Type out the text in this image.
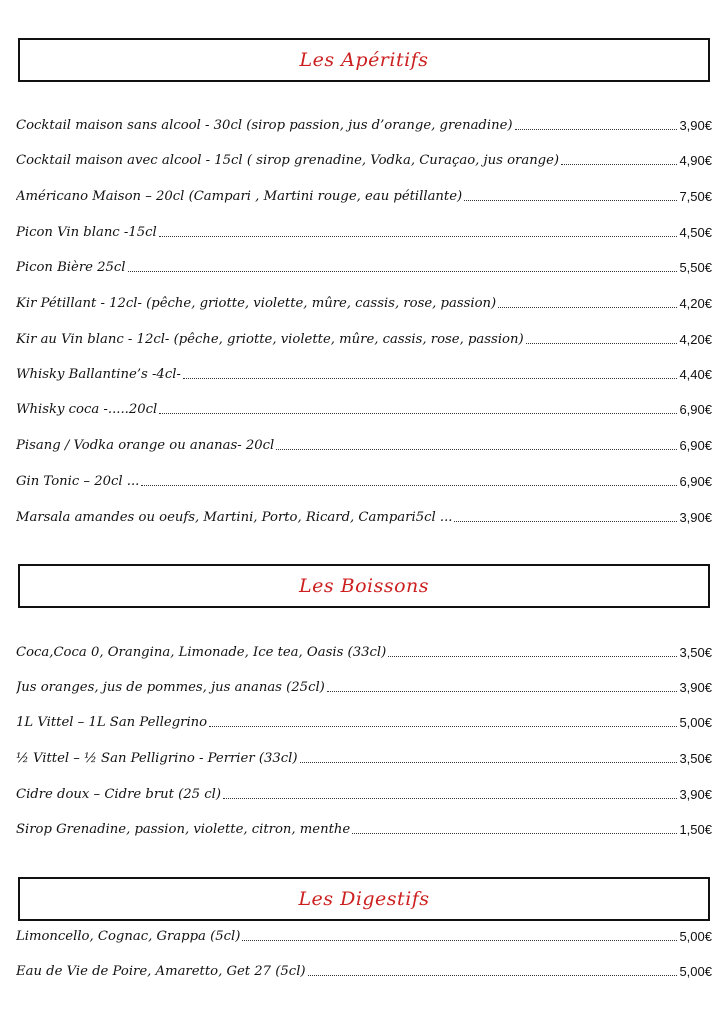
Les Apéritifs
Cocktail maison sans alcool - 30cl (sirop passion, jus d’orange, grenadine)	3,90€
Cocktail maison avec alcool - 15cl ( sirop grenadine, Vodka, Curaçao, jus orange)	4,90€
Américano Maison – 20cl (Campari , Martini rouge, eau pétillante)	7,50€
Picon Vin blanc -15cl	4,50€
Picon Bière 25cl	5,50€
Kir Pétillant - 12cl- (pêche, griotte, violette, mûre, cassis, rose, passion)	4,20€
Kir au Vin blanc - 12cl- (pêche, griotte, violette, mûre, cassis, rose, passion)	4,20€
Whisky Ballantine’s -4cl-	4,40€
Whisky coca -.....20cl	6,90€
Pisang / Vodka orange ou ananas- 20cl	6,90€
Gin Tonic – 20cl ...	6,90€
Marsala amandes ou oeufs, Martini, Porto, Ricard, Campari5cl ...	3,90€
Les Boissons
Coca,Coca 0, Orangina, Limonade, Ice tea, Oasis (33cl)	3,50€
Jus oranges, jus de pommes, jus ananas (25cl)	3,90€
1L Vittel – 1L San Pellegrino	5,00€
½ Vittel – ½ San Pelligrino - Perrier (33cl)	3,50€
Cidre doux – Cidre brut (25 cl)	3,90€
Sirop Grenadine, passion, violette, citron, menthe	1,50€
Les Digestifs
Limoncello, Cognac, Grappa (5cl)	5,00€
Eau de Vie de Poire, Amaretto, Get 27 (5cl)	5,00€
